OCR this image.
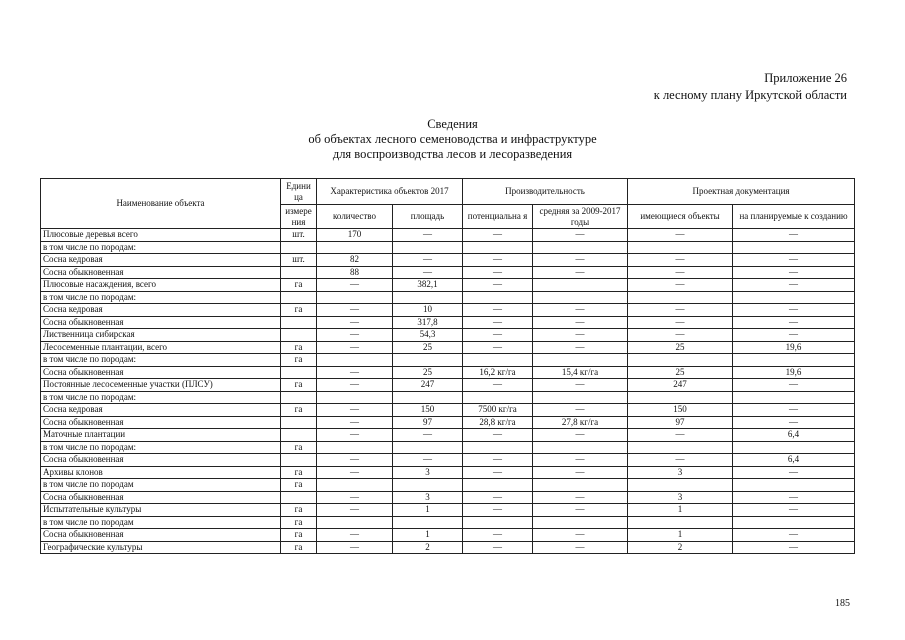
Приложение 26
к лесному плану Иркутской области
Сведения
об объектах лесного семеноводства и инфраструктуре
для воспроизводства лесов и лесоразведения
Наименование объекта	Едини ца	Характеристика объектов 2017		Производительность		Проектная документация	
	измере ния	количество	площадь	потенциальна я	средняя за 2009-2017 годы	имеющиеся объекты	на планируемые к созданию
Плюсовые деревья всего	шт.	170	—	—	—	—	—
в том числе по породам:							
Сосна кедровая	шт.	82	—	—	—	—	—
Сосна обыкновенная		88	—	—	—	—	—
Плюсовые насаждения, всего	га	—	382,1	—		—	—
в том числе по породам:							
Сосна кедровая	га	—	10	—	—	—	—
Сосна обыкновенная		—	317,8	—	—	—	—
Лиственница сибирская		—	54,3	—	—	—	—
Лесосеменные плантации, всего	га	—	25	—	—	25	19,6
в том числе по породам:	га						
Сосна обыкновенная		—	25	16,2 кг/га	15,4 кг/га	25	19,6
Постоянные лесосеменные участки (ПЛСУ)	га	—	247	—	—	247	—
в том числе по породам:							
Сосна кедровая	га	—	150	7500 кг/га	—	150	—
Сосна обыкновенная		—	97	28,8 кг/га	27,8 кг/га	97	—
Маточные плантации		—	—	—	—	—	6,4
в том числе по породам:	га						
Сосна обыкновенная		—	—	—	—	—	6,4
Архивы клонов	га	—	3	—	—	3	—
в том числе по породам	га						
Сосна обыкновенная		—	3	—	—	3	—
Испытательные культуры	га	—	1	—	—	1	—
в том числе по породам	га						
Сосна обыкновенная	га	—	1	—	—	1	—
Географические культуры	га	—	2	—	—	2	—
185
